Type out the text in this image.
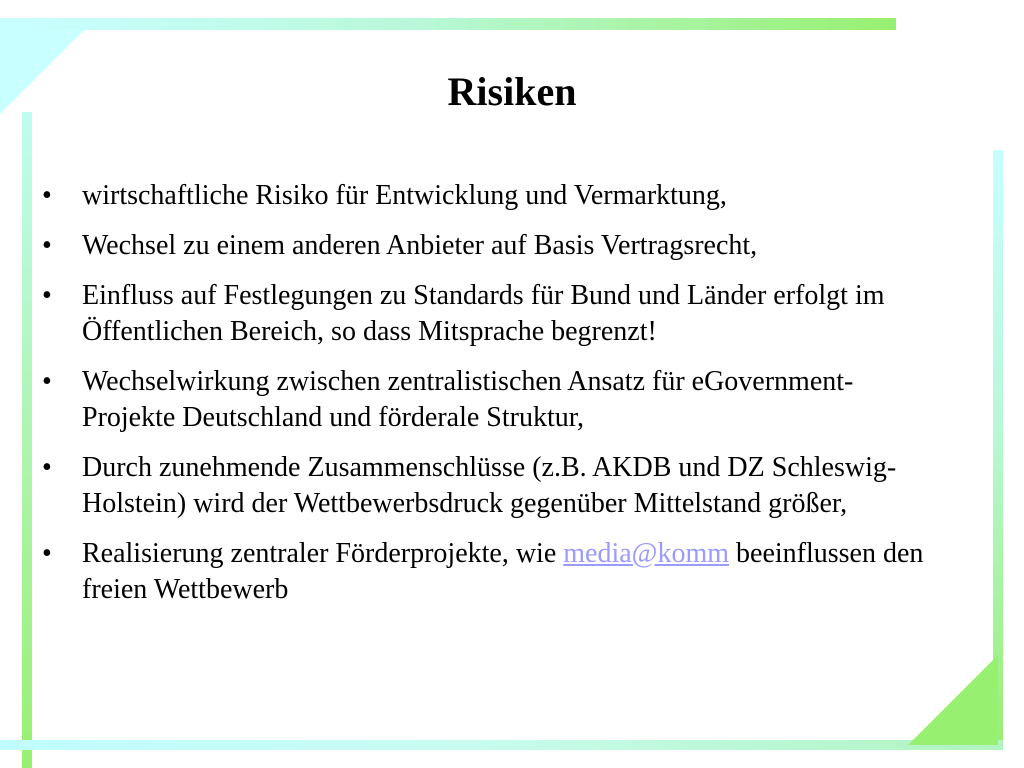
Risiken
•	wirtschaftliche Risiko für Entwicklung und Vermarktung,
•	Wechsel zu einem anderen Anbieter auf Basis Vertragsrecht,
•	Einfluss auf Festlegungen zu Standards für Bund und Länder erfolgt im Öffentlichen Bereich, so dass Mitsprache begrenzt!
•	Wechselwirkung zwischen zentralistischen Ansatz für eGovernment-Projekte Deutschland und förderale Struktur,
•	Durch zunehmende Zusammenschlüsse (z.B. AKDB und DZ Schleswig-Holstein) wird der Wettbewerbsdruck gegenüber Mittelstand größer,
•	Realisierung zentraler Förderprojekte, wie media@komm beeinflussen den freien Wettbewerb
